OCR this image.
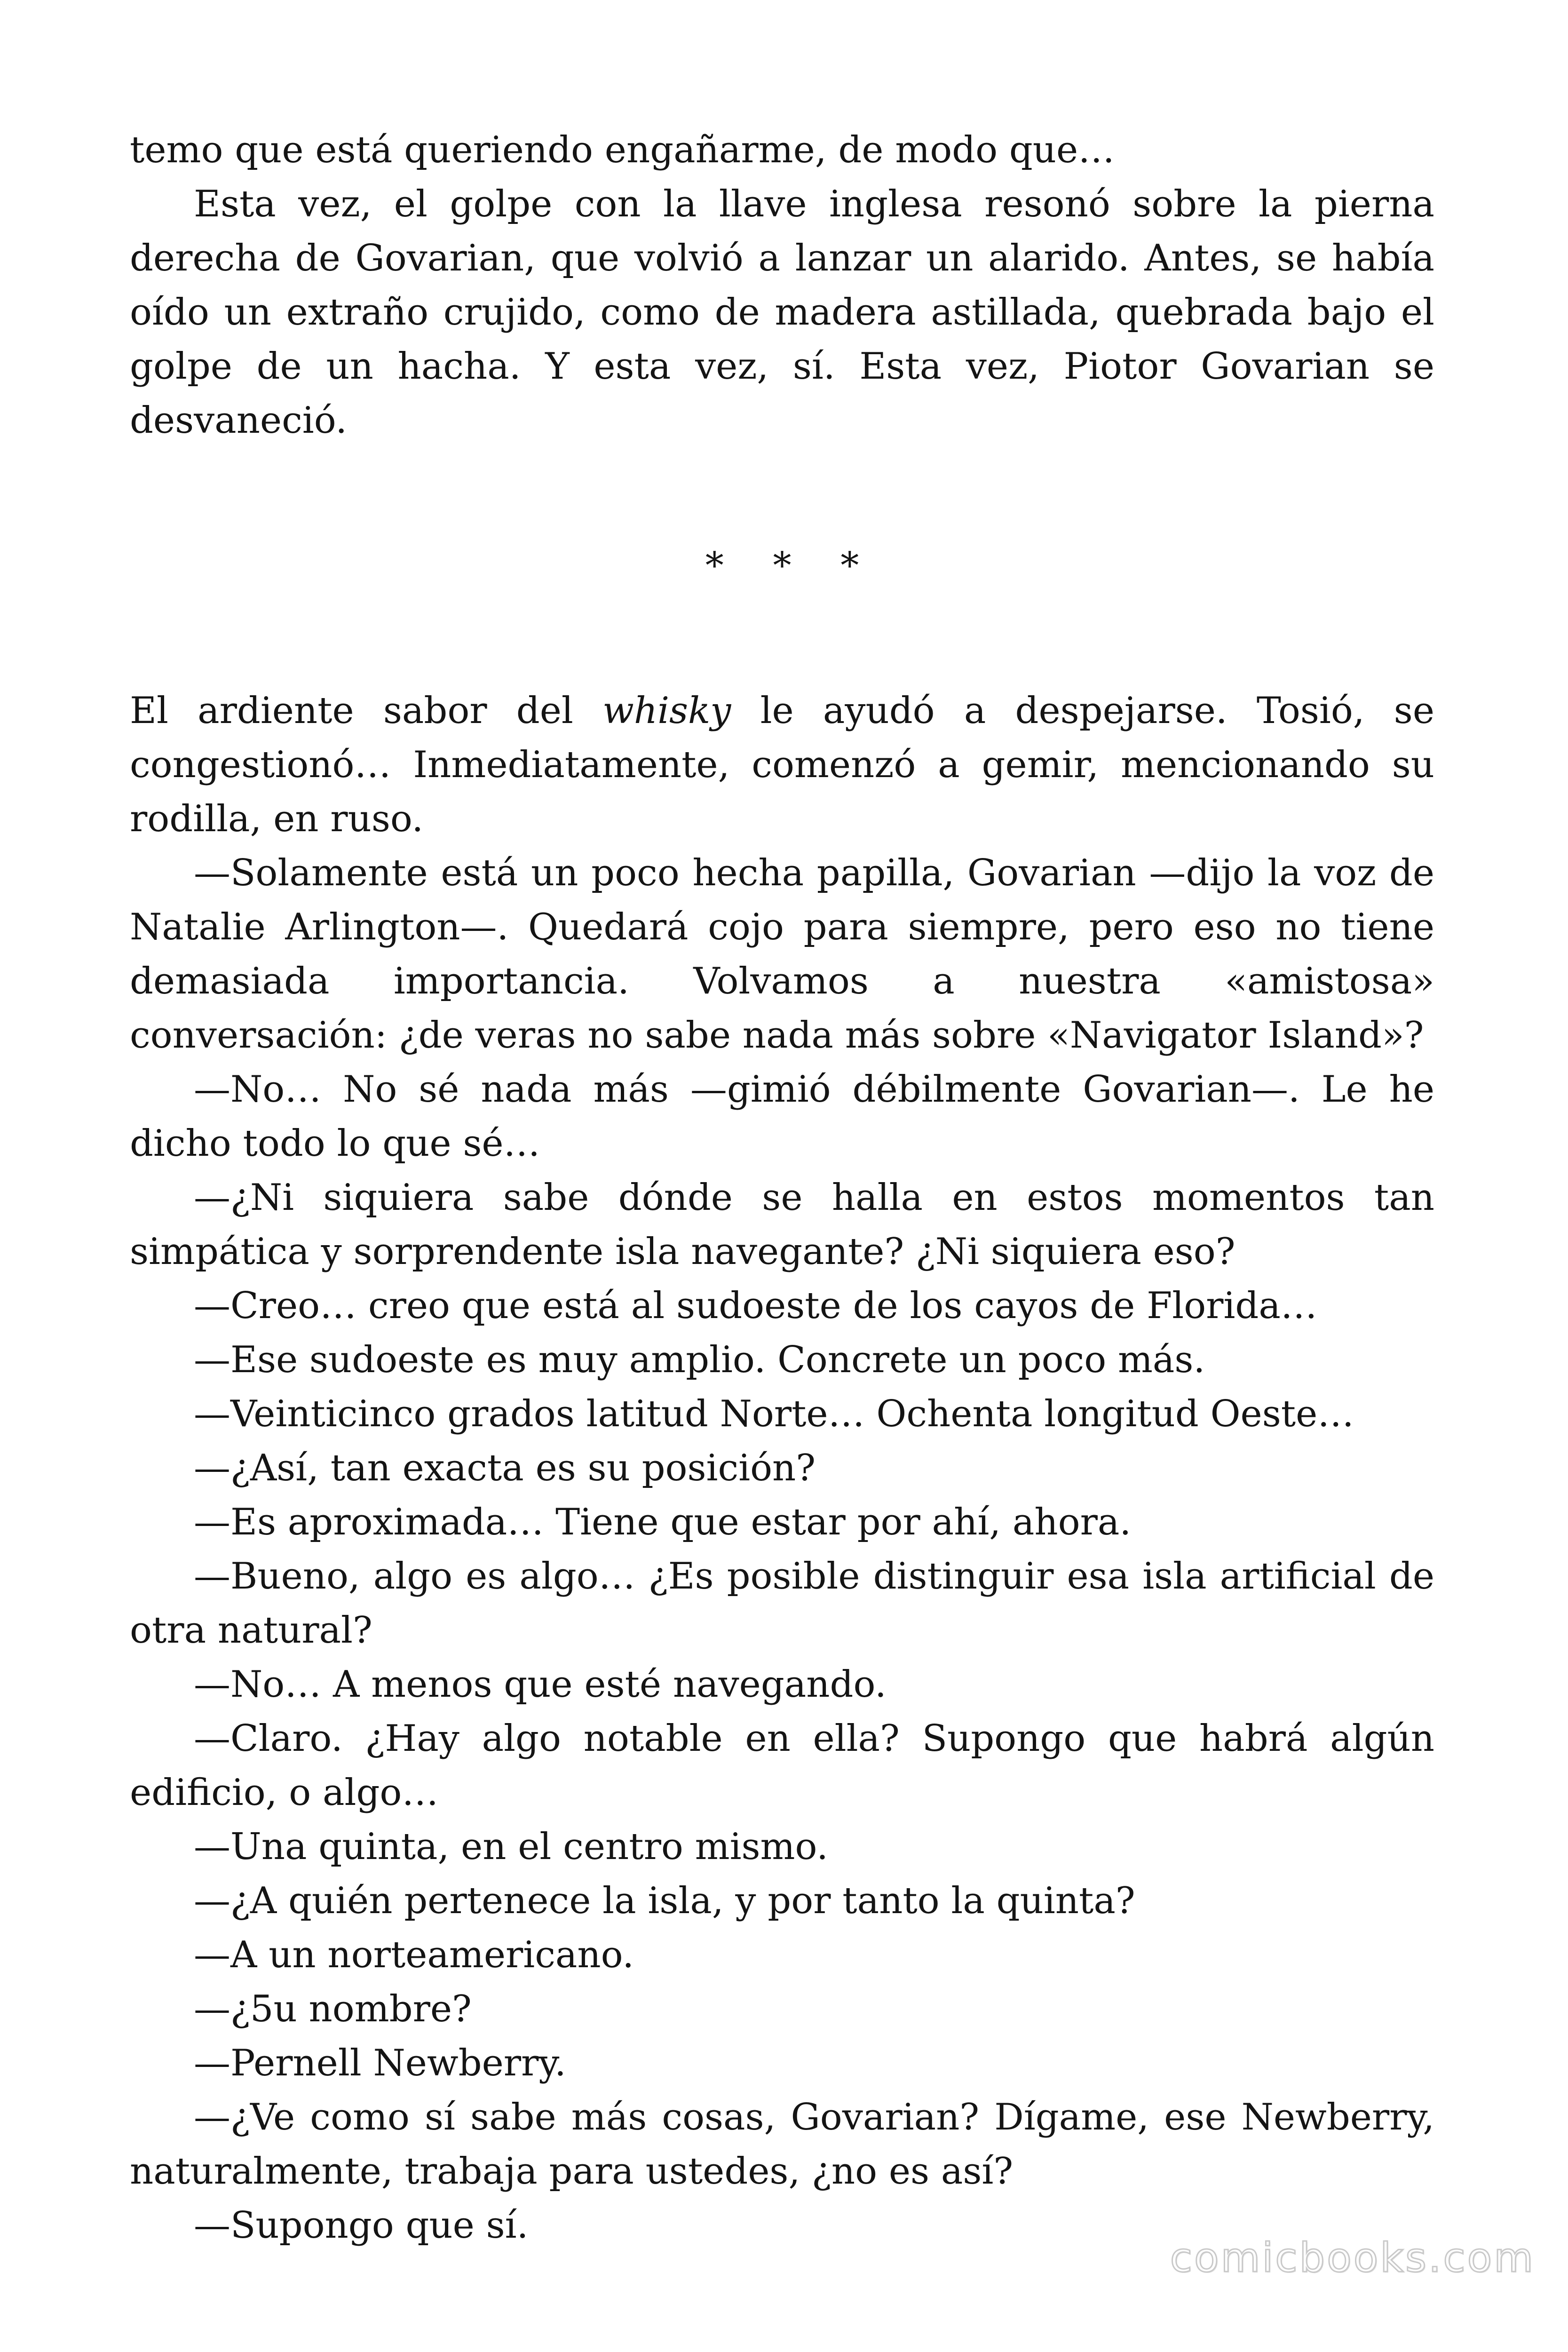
temo que está queriendo engañarme, de modo que…

Esta vez, el golpe con la llave inglesa resonó sobre la pierna derecha de Govarian, que volvió a lanzar un alarido. Antes, se había oído un extraño crujido, como de madera astillada, quebrada bajo el golpe de un hacha. Y esta vez, sí. Esta vez, Piotor Govarian se desvaneció.

* * *

El ardiente sabor del whisky le ayudó a despejarse. Tosió, se congestionó… Inmediatamente, comenzó a gemir, mencionando su rodilla, en ruso.

—Solamente está un poco hecha papilla, Govarian —dijo la voz de Natalie Arlington—. Quedará cojo para siempre, pero eso no tiene demasiada importancia. Volvamos a nuestra «amistosa» conversación: ¿de veras no sabe nada más sobre «Navigator Island»?

—No… No sé nada más —gimió débilmente Govarian—. Le he dicho todo lo que sé…

—¿Ni siquiera sabe dónde se halla en estos momentos tan simpática y sorprendente isla navegante? ¿Ni siquiera eso?

—Creo… creo que está al sudoeste de los cayos de Florida…

—Ese sudoeste es muy amplio. Concrete un poco más.

—Veinticinco grados latitud Norte… Ochenta longitud Oeste…

—¿Así, tan exacta es su posición?

—Es aproximada… Tiene que estar por ahí, ahora.

—Bueno, algo es algo… ¿Es posible distinguir esa isla artificial de otra natural?

—No… A menos que esté navegando.

—Claro. ¿Hay algo notable en ella? Supongo que habrá algún edificio, o algo…

—Una quinta, en el centro mismo.

—¿A quién pertenece la isla, y por tanto la quinta?

—A un norteamericano.

—¿5u nombre?

—Pernell Newberry.

—¿Ve como sí sabe más cosas, Govarian? Dígame, ese Newberry, naturalmente, trabaja para ustedes, ¿no es así?

—Supongo que sí.

comicbooks.com
